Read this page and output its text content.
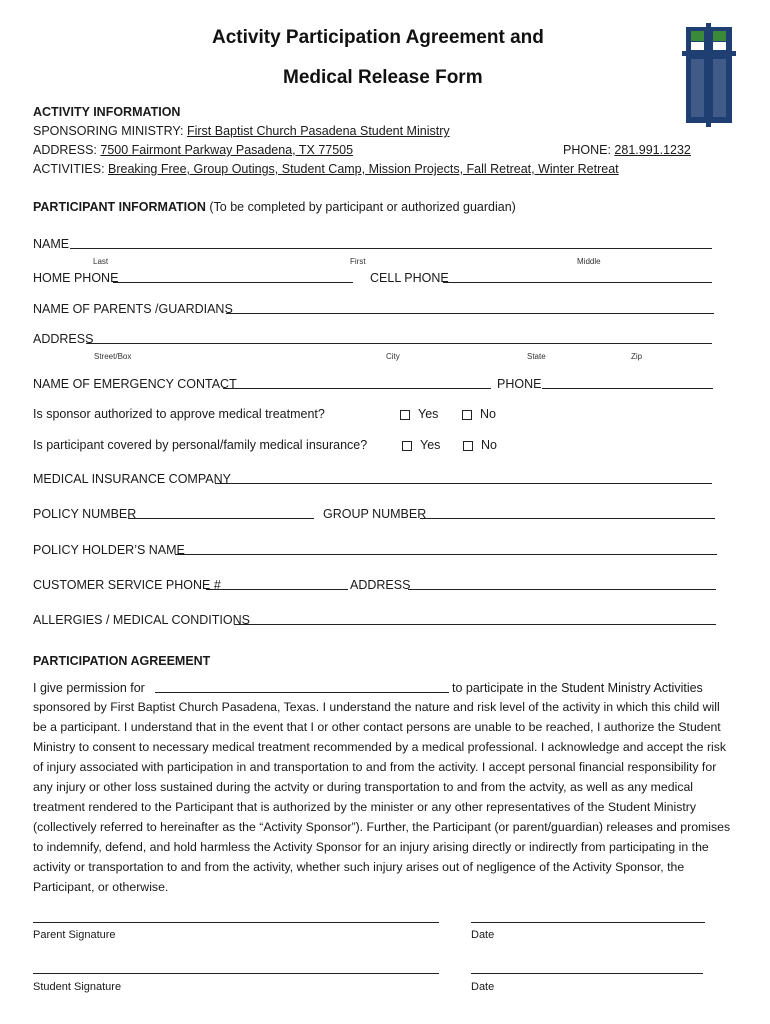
Activity Participation Agreement and
Medical Release Form
ACTIVITY INFORMATION
SPONSORING MINISTRY: First Baptist Church Pasadena Student Ministry
ADDRESS: 7500 Fairmont Parkway Pasadena, TX 77505	PHONE: 281.991.1232
ACTIVITIES: Breaking Free, Group Outings, Student Camp, Mission Projects, Fall Retreat, Winter Retreat
PARTICIPANT INFORMATION (To be completed by participant or authorized guardian)
NAME
Last	First	Middle
HOME PHONE	CELL PHONE
NAME OF PARENTS /GUARDIANS
ADDRESS
Street/Box	City	State	Zip
NAME OF EMERGENCY CONTACT	PHONE
Is sponsor authorized to approve medical treatment?	Yes	No
Is participant covered by personal/family medical insurance?	Yes	No
MEDICAL INSURANCE COMPANY
POLICY NUMBER	GROUP NUMBER
POLICY HOLDER’S NAME
CUSTOMER SERVICE PHONE #	ADDRESS
ALLERGIES / MEDICAL CONDITIONS
PARTICIPATION AGREEMENT
I give permission for	to participate in the Student Ministry Activities
sponsored by First Baptist Church Pasadena, Texas. I understand the nature and risk level of the activity in which this child will be a participant. I understand that in the event that I or other contact persons are unable to be reached, I authorize the Student Ministry to consent to necessary medical treatment recommended by a medical professional. I acknowledge and accept the risk of injury associated with participation in and transportation to and from the activity. I accept personal financial responsibility for any injury or other loss sustained during the actvity or during transportation to and from the actvity, as well as any medical treatment rendered to the Participant that is authorized by the minister or any other representatives of the Student Ministry (collectively referred to hereinafter as the “Activity Sponsor”). Further, the Participant (or parent/guardian) releases and promises to indemnify, defend, and hold harmless the Activity Sponsor for an injury arising directly or indirectly from participating in the activity or transportation to and from the activity, whether such injury arises out of negligence of the Activity Sponsor, the Participant, or otherwise.
Parent Signature	Date
Student Signature	Date
